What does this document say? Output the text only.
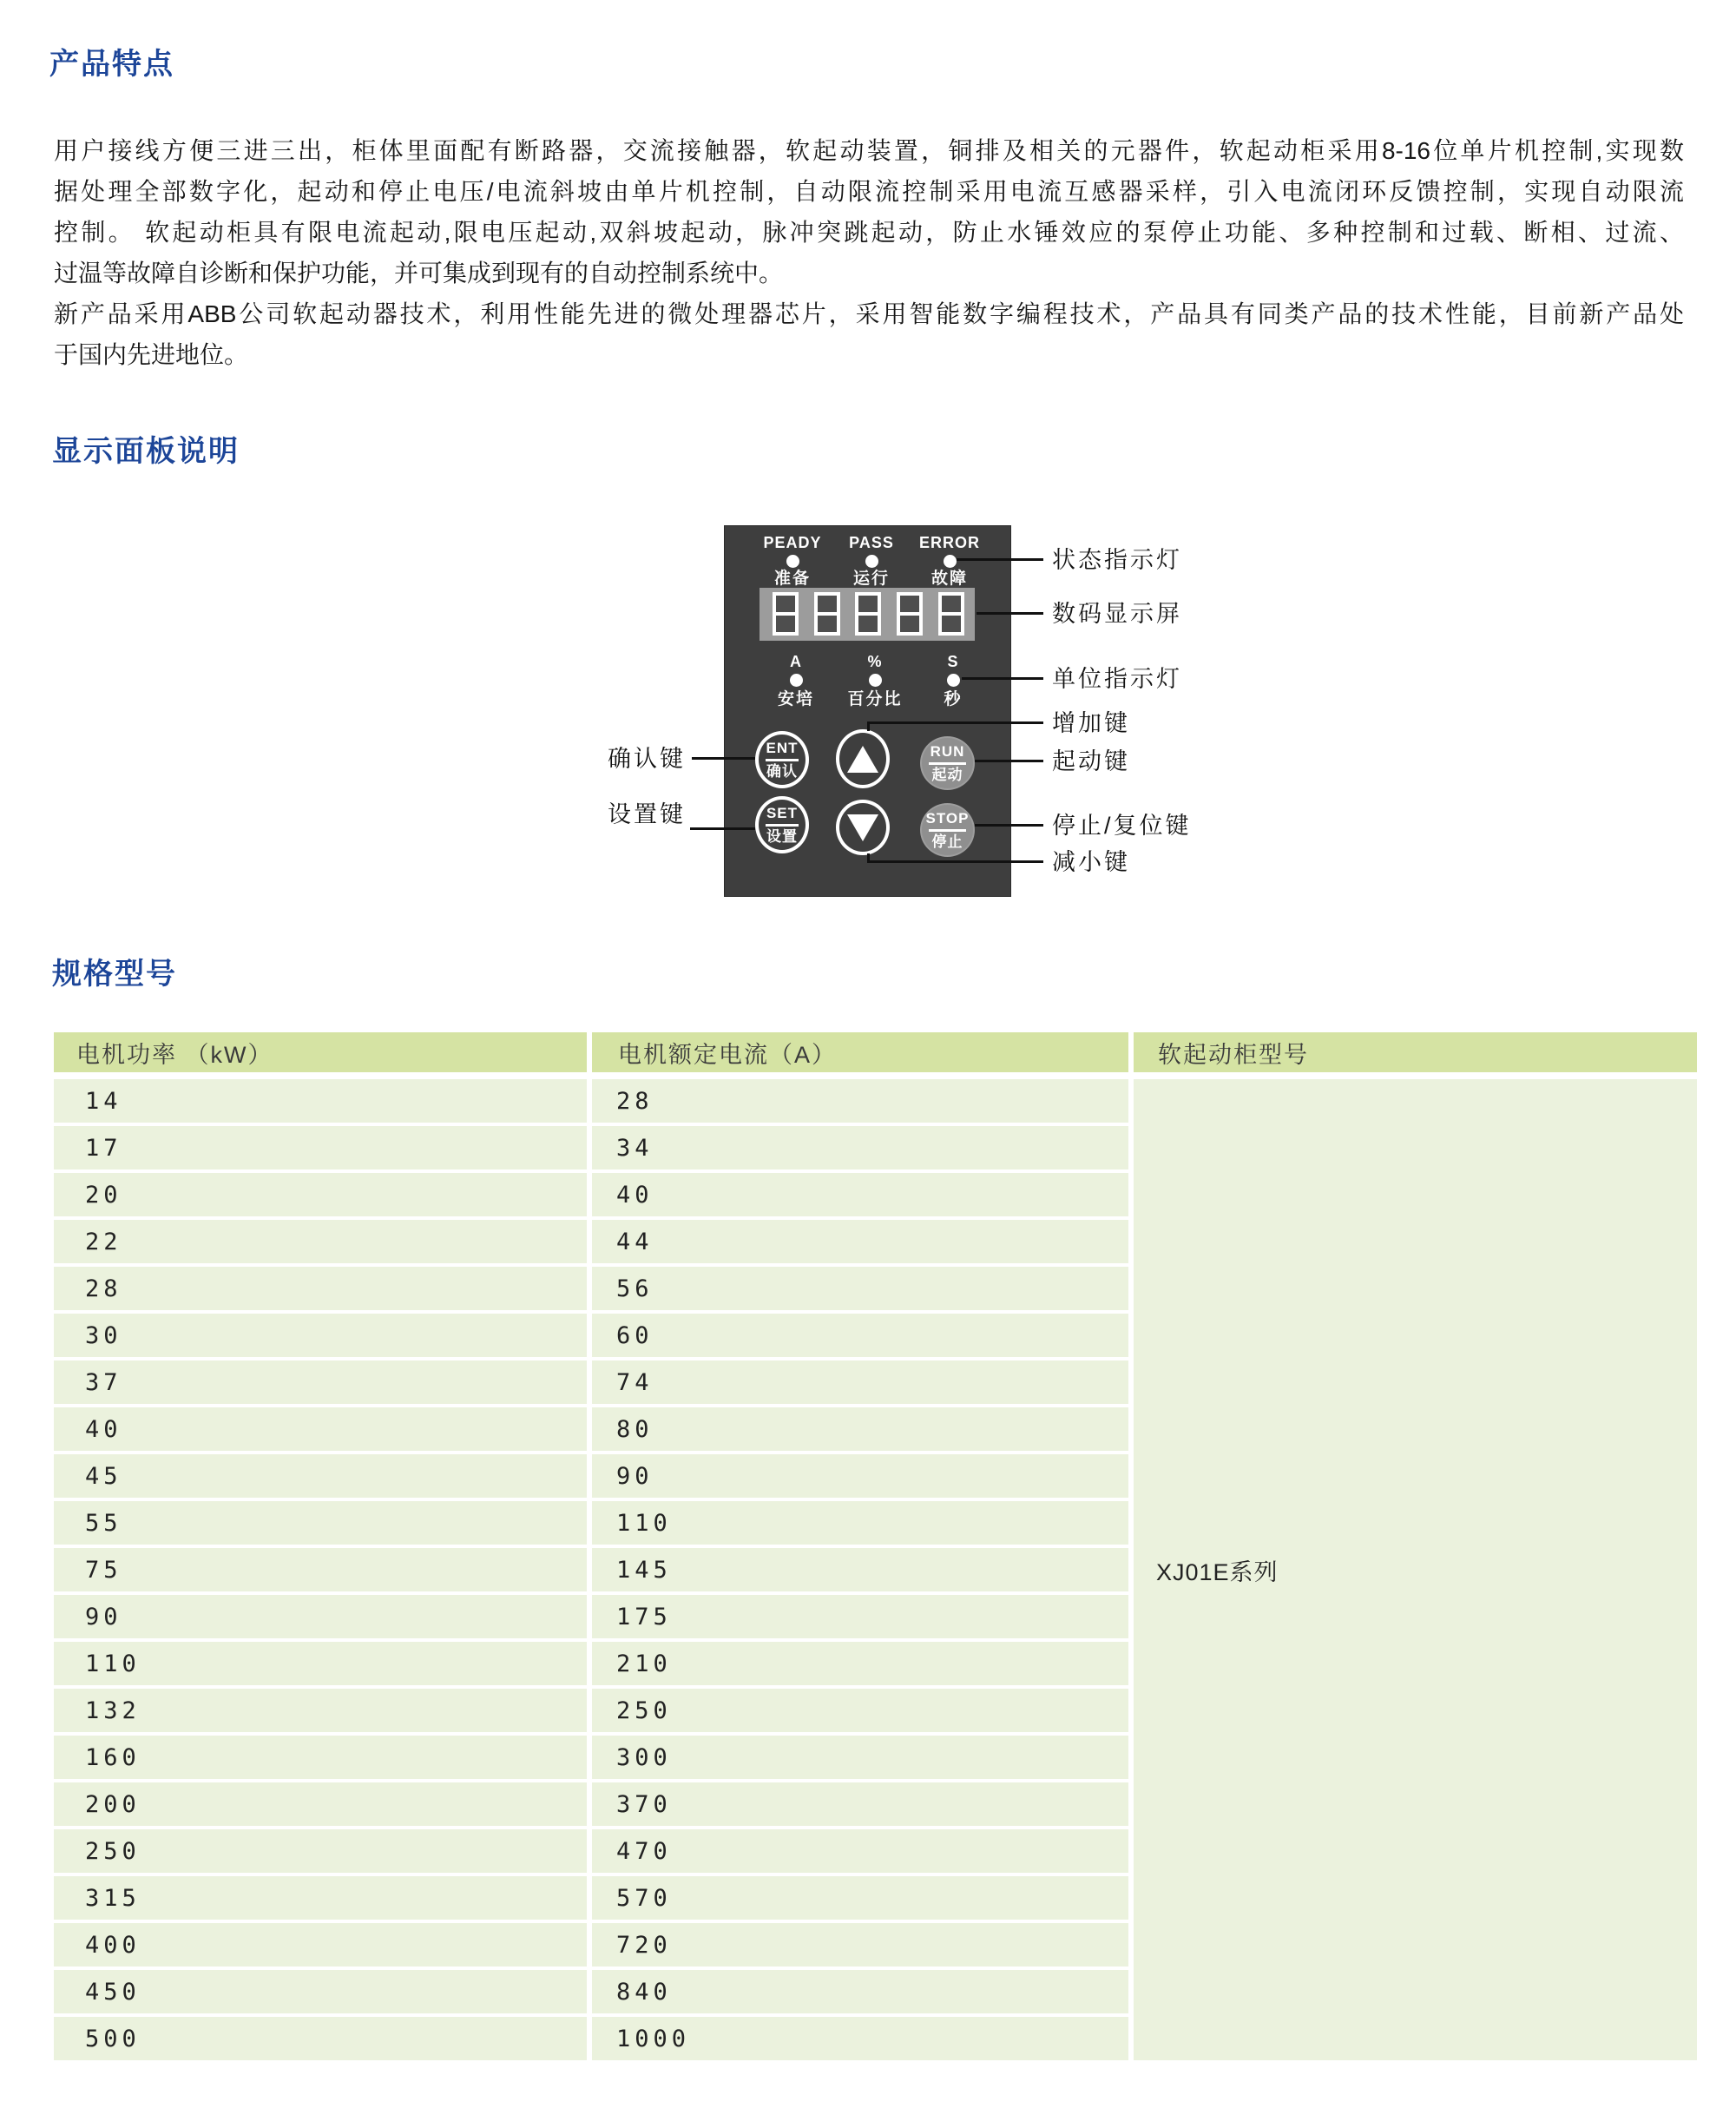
产品特点
用户接线方便三进三出，柜体里面配有断路器，交流接触器，软起动装置，铜排及相关的元器件，软起动柜采用8-16位单片机控制,实现数
据处理全部数字化，起动和停止电压/电流斜坡由单片机控制，自动限流控制采用电流互感器采样，引入电流闭环反馈控制，实现自动限流
控制。 软起动柜具有限电流起动,限电压起动,双斜坡起动，脉冲突跳起动，防止水锤效应的泵停止功能、多种控制和过载、断相、过流、
过温等故障自诊断和保护功能，并可集成到现有的自动控制系统中。
新产品采用ABB公司软起动器技术，利用性能先进的微处理器芯片，采用智能数字编程技术，产品具有同类产品的技术性能，目前新产品处
于国内先进地位。
显示面板说明
PEADY
准备
PASS
运行
ERROR
故障
A
安培
%
百分比
S
秒
ENT
确认
RUN
起动
SET
设置
STOP
停止
状态指示灯
数码显示屏
单位指示灯
增加键
起动键
停止/复位键
减小键
确认键
设置键
规格型号
电机功率 （kW）	电机额定电流（A）	软起动柜型号
14	28
17	34
20	40
22	44
28	56
30	60
37	74
40	80
45	90
55	110
75	145
90	175
110	210
132	250
160	300
200	370
250	470
315	570
400	720
450	840
500	1000
XJ01E系列
